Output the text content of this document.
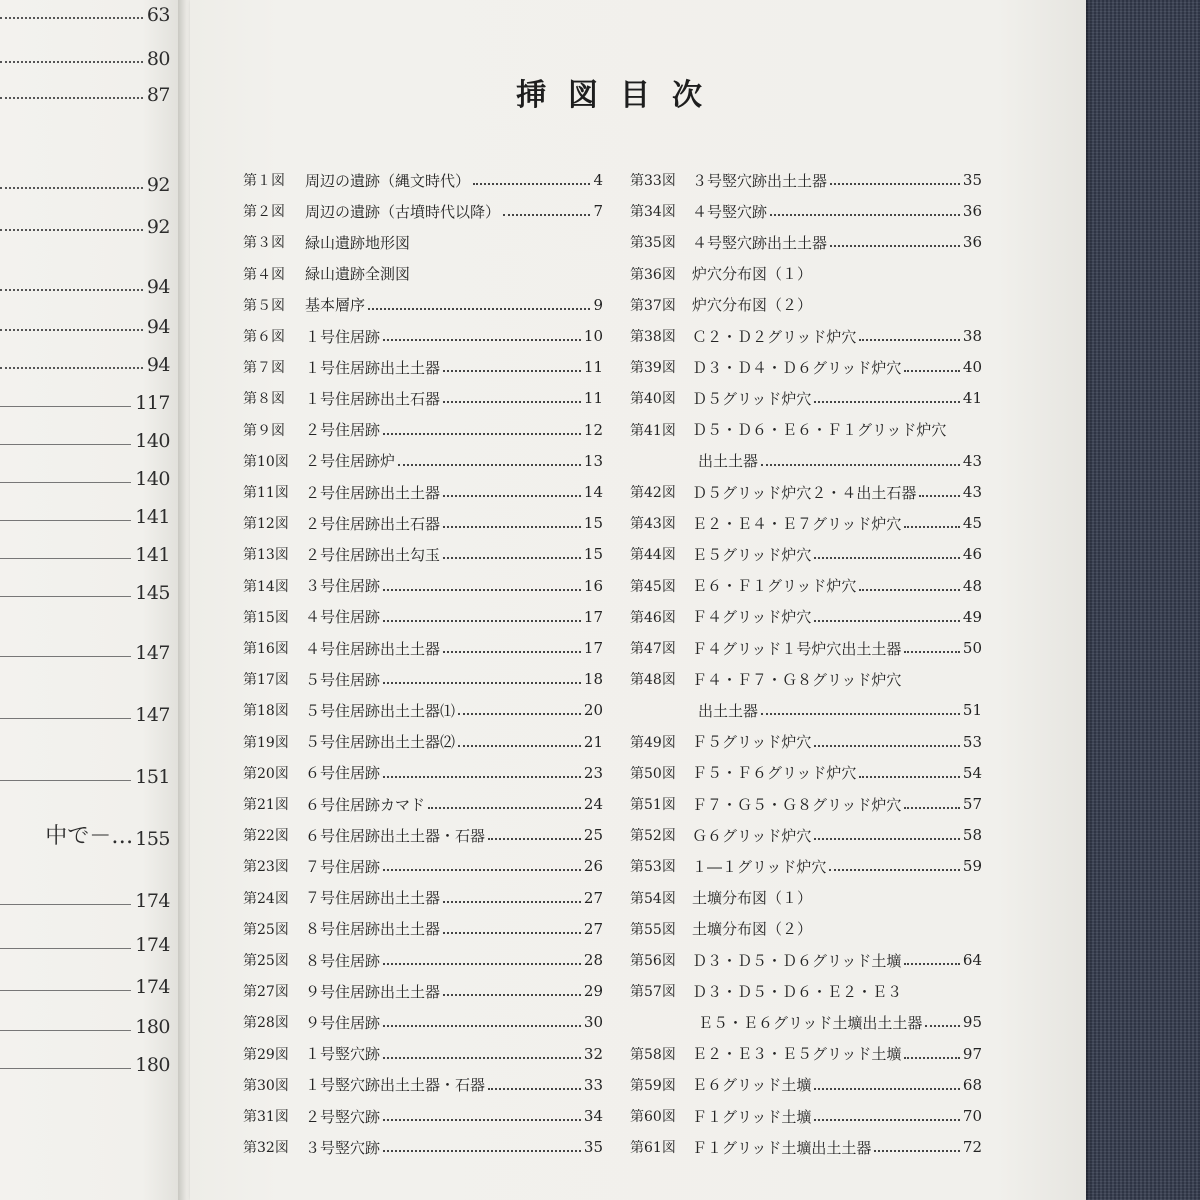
63
80
87
92
92
94
94
94
117
140
140
141
141
145
147
147
151
中で－… 155
174
174
174
180
180
挿図目次
第１図	周辺の遺跡（縄文時代）	4
第２図	周辺の遺跡（古墳時代以降）	7
第３図	緑山遺跡地形図
第４図	緑山遺跡全測図
第５図	基本層序	9
第６図	１号住居跡	10
第７図	１号住居跡出土土器	11
第８図	１号住居跡出土石器	11
第９図	２号住居跡	12
第10図	２号住居跡炉	13
第11図	２号住居跡出土土器	14
第12図	２号住居跡出土石器	15
第13図	２号住居跡出土勾玉	15
第14図	３号住居跡	16
第15図	４号住居跡	17
第16図	４号住居跡出土土器	17
第17図	５号住居跡	18
第18図	５号住居跡出土土器⑴	20
第19図	５号住居跡出土土器⑵	21
第20図	６号住居跡	23
第21図	６号住居跡カマド	24
第22図	６号住居跡出土土器・石器	25
第23図	７号住居跡	26
第24図	７号住居跡出土土器	27
第25図	８号住居跡出土土器	27
第25図	８号住居跡	28
第27図	９号住居跡出土土器	29
第28図	９号住居跡	30
第29図	１号竪穴跡	32
第30図	１号竪穴跡出土土器・石器	33
第31図	２号竪穴跡	34
第32図	３号竪穴跡	35
第33図	３号竪穴跡出土土器	35
第34図	４号竪穴跡	36
第35図	４号竪穴跡出土土器	36
第36図	炉穴分布図（１）
第37図	炉穴分布図（２）
第38図	Ｃ２・Ｄ２グリッド炉穴	38
第39図	Ｄ３・Ｄ４・Ｄ６グリッド炉穴	40
第40図	Ｄ５グリッド炉穴	41
第41図	Ｄ５・Ｄ６・Ｅ６・Ｆ１グリッド炉穴
出土土器	43
第42図	Ｄ５グリッド炉穴２・４出土石器	43
第43図	Ｅ２・Ｅ４・Ｅ７グリッド炉穴	45
第44図	Ｅ５グリッド炉穴	46
第45図	Ｅ６・Ｆ１グリッド炉穴	48
第46図	Ｆ４グリッド炉穴	49
第47図	Ｆ４グリッド１号炉穴出土土器	50
第48図	Ｆ４・Ｆ７・Ｇ８グリッド炉穴
出土土器	51
第49図	Ｆ５グリッド炉穴	53
第50図	Ｆ５・Ｆ６グリッド炉穴	54
第51図	Ｆ７・Ｇ５・Ｇ８グリッド炉穴	57
第52図	Ｇ６グリッド炉穴	58
第53図	１―１グリッド炉穴	59
第54図	土壙分布図（１）
第55図	土壙分布図（２）
第56図	Ｄ３・Ｄ５・Ｄ６グリッド土壙	64
第57図	Ｄ３・Ｄ５・Ｄ６・Ｅ２・Ｅ３
Ｅ５・Ｅ６グリッド土壙出土土器	95
第58図	Ｅ２・Ｅ３・Ｅ５グリッド土壙	97
第59図	Ｅ６グリッド土壙	68
第60図	Ｆ１グリッド土壙	70
第61図	Ｆ１グリッド土壙出土土器	72
